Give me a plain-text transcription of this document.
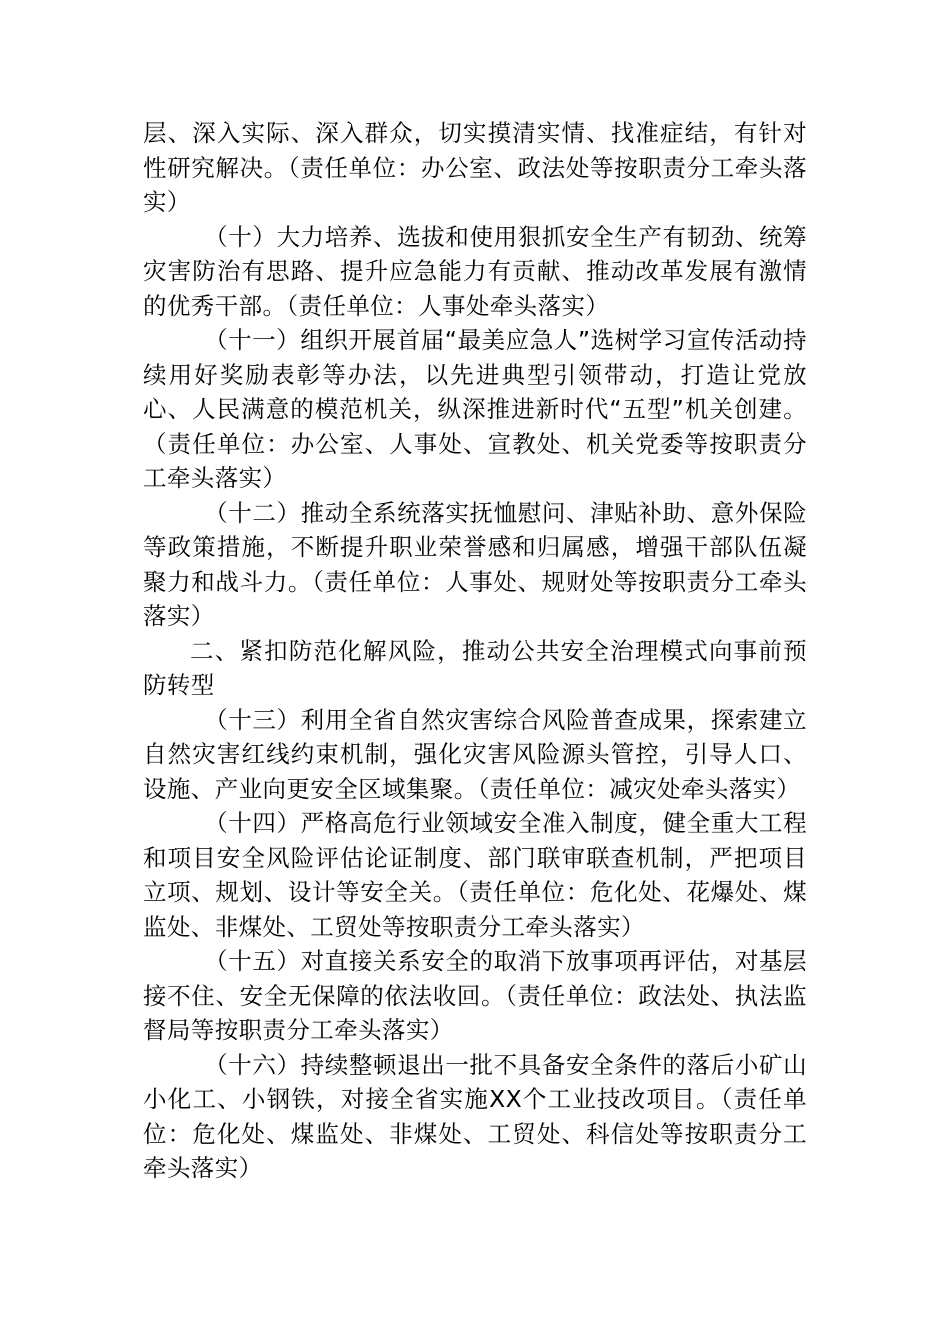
层、深入实际、深入群众，切实摸清实情、找准症结，有针对性研究解决。（责任单位：办公室、政法处等按职责分工牵头落实）

（十）大力培养、选拔和使用狠抓安全生产有韧劲、统筹灾害防治有思路、提升应急能力有贡献、推动改革发展有激情的优秀干部。（责任单位：人事处牵头落实）

（十一）组织开展首届“最美应急人”选树学习宣传活动持续用好奖励表彰等办法，以先进典型引领带动，打造让党放心、人民满意的模范机关，纵深推进新时代“五型”机关创建。（责任单位：办公室、人事处、宣教处、机关党委等按职责分工牵头落实）

（十二）推动全系统落实抚恤慰问、津贴补助、意外保险等政策措施，不断提升职业荣誉感和归属感，增强干部队伍凝聚力和战斗力。（责任单位：人事处、规财处等按职责分工牵头落实）

二、紧扣防范化解风险，推动公共安全治理模式向事前预防转型

（十三）利用全省自然灾害综合风险普查成果，探索建立自然灾害红线约束机制，强化灾害风险源头管控，引导人口、设施、产业向更安全区域集聚。（责任单位：减灾处牵头落实）

（十四）严格高危行业领域安全准入制度，健全重大工程和项目安全风险评估论证制度、部门联审联查机制，严把项目立项、规划、设计等安全关。（责任单位：危化处、花爆处、煤监处、非煤处、工贸处等按职责分工牵头落实）

（十五）对直接关系安全的取消下放事项再评估，对基层接不住、安全无保障的依法收回。（责任单位：政法处、执法监督局等按职责分工牵头落实）

（十六）持续整顿退出一批不具备安全条件的落后小矿山小化工、小钢铁，对接全省实施XX个工业技改项目。（责任单位：危化处、煤监处、非煤处、工贸处、科信处等按职责分工牵头落实）
